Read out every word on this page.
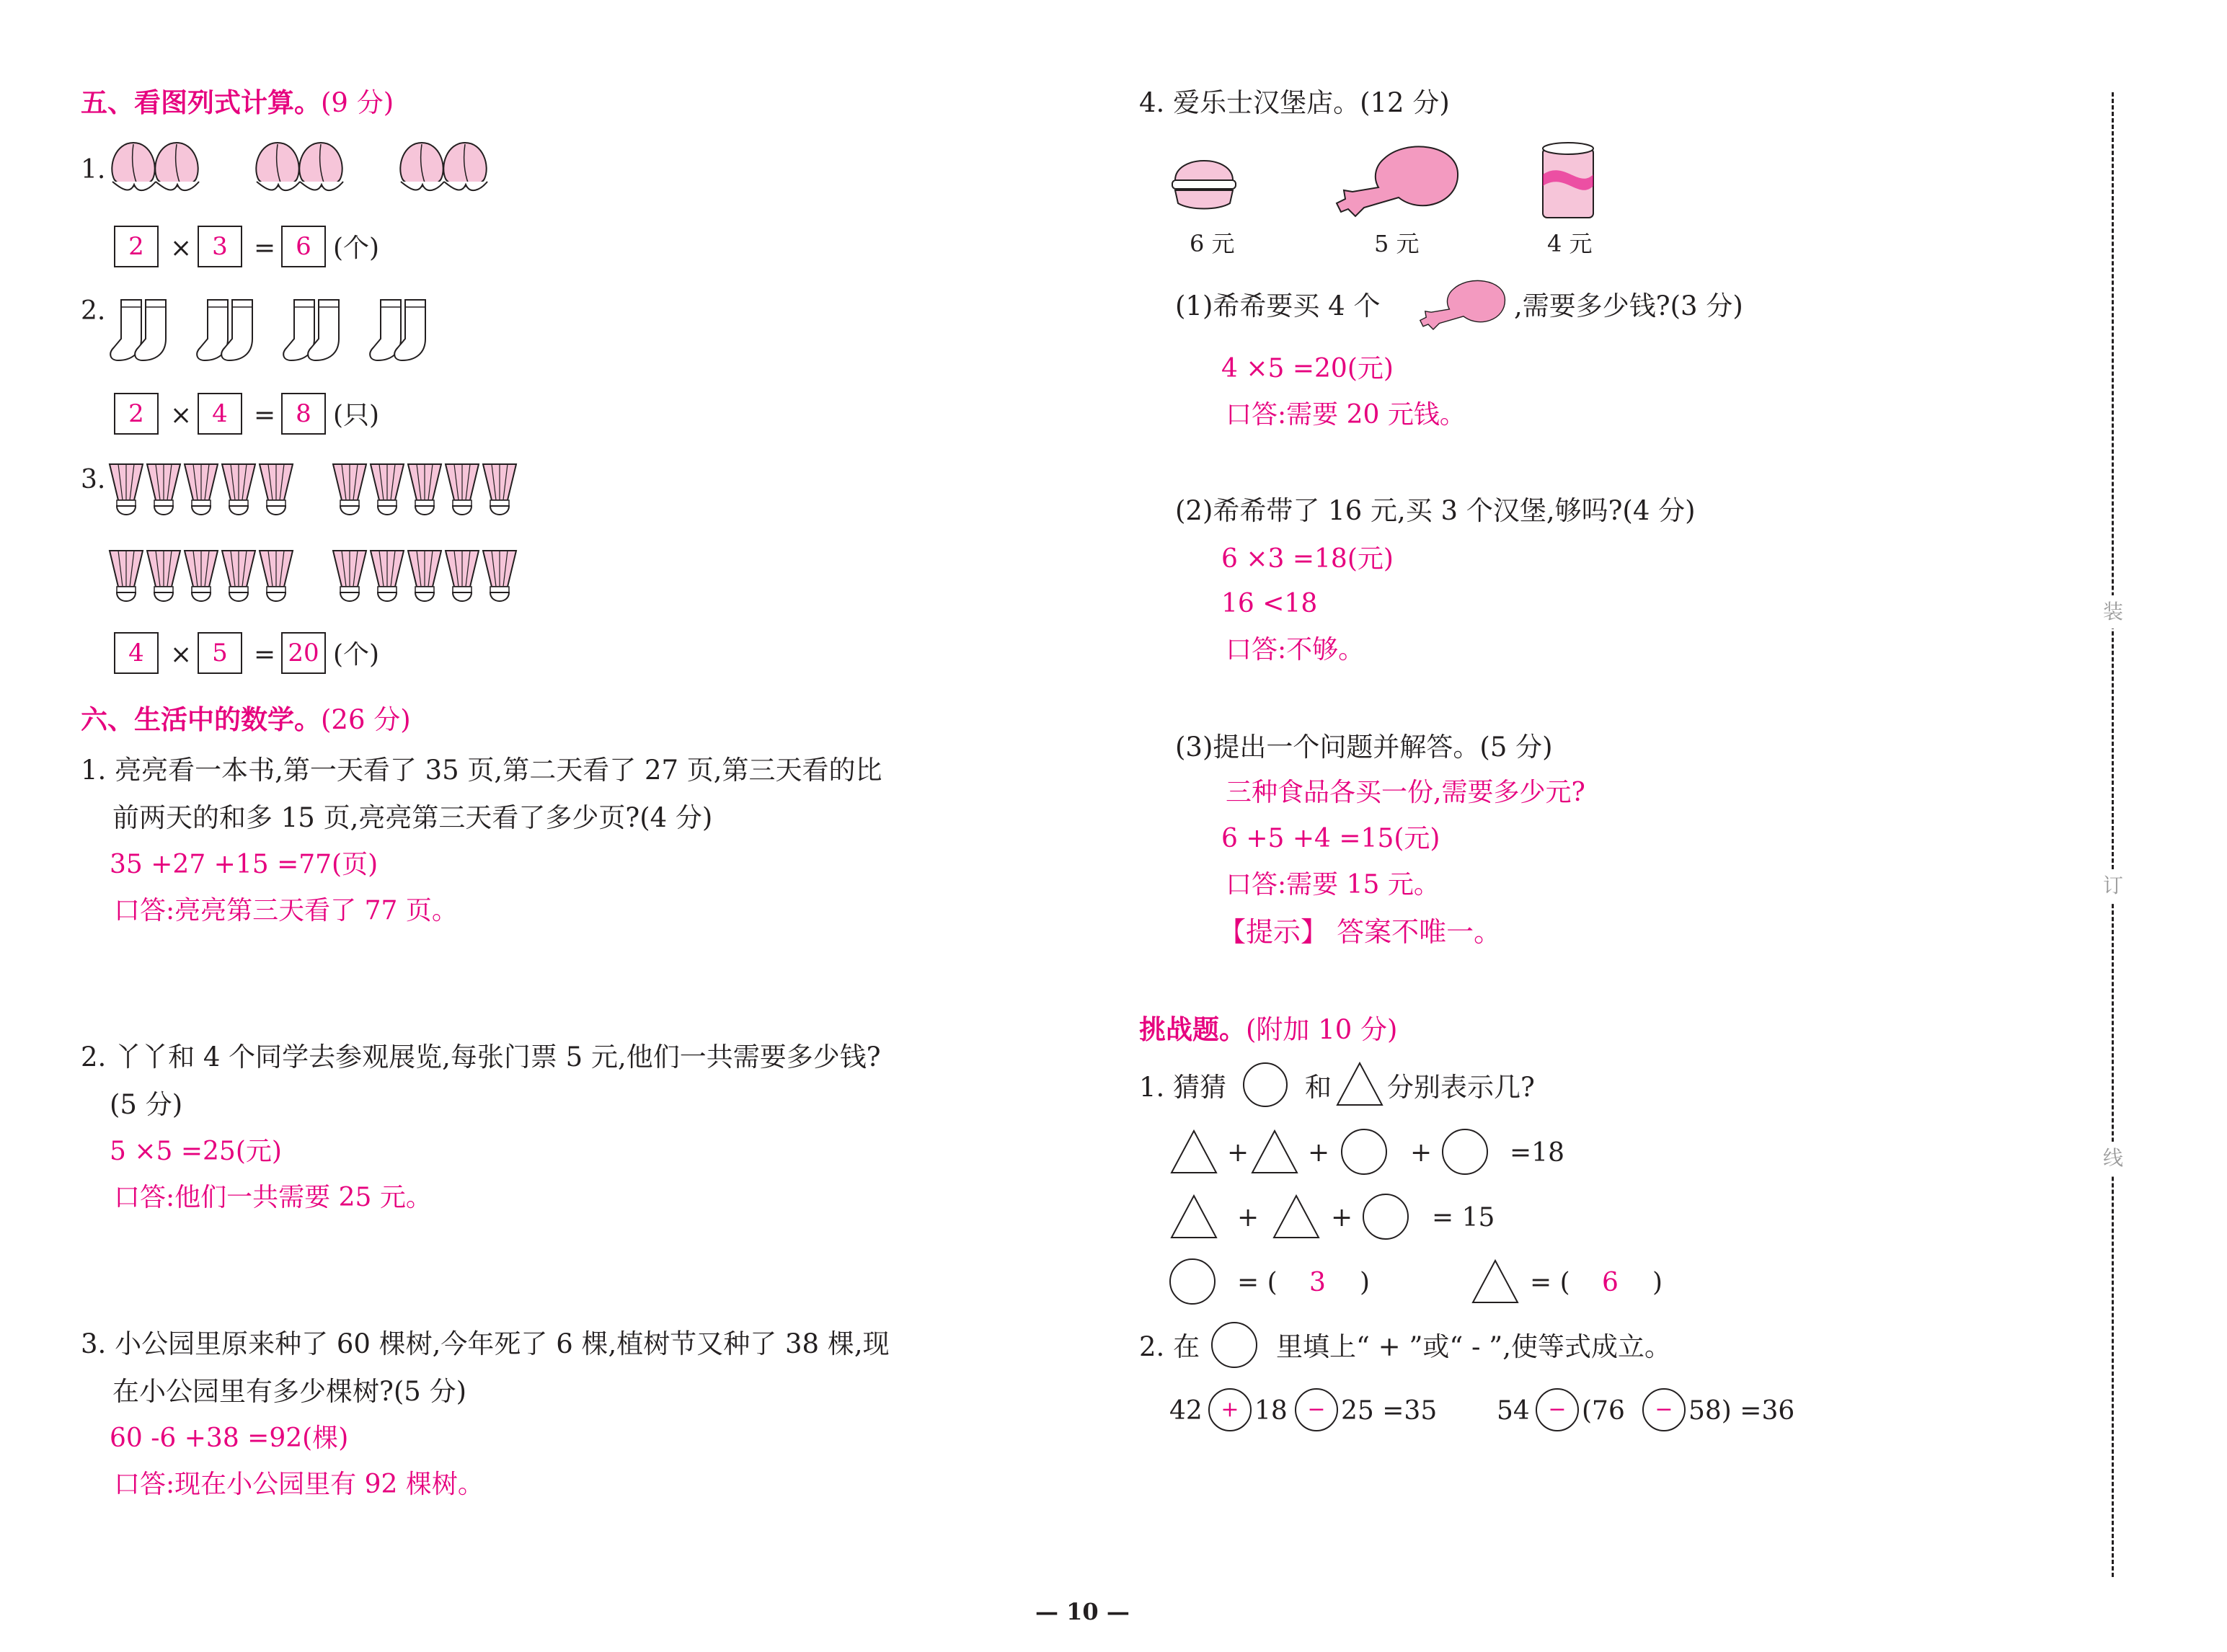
五、看图列式计算。(9 分)
1.
2	× 3	= 6 (个)
2.
2	× 4	= 8 (只)
3.
4	× 5	= 20 (个)
六、生活中的数学。(26 分)
1. 亮亮看一本书,第一天看了 35 页,第二天看了 27 页,第三天看的比
前两天的和多 15 页,亮亮第三天看了多少页?(4 分)
35 +27 +15 =77(页)
口答:亮亮第三天看了 77 页。
2. 丫丫和 4 个同学去参观展览,每张门票 5 元,他们一共需要多少钱?
(5 分)
5 ×5 =25(元)
口答:他们一共需要 25 元。
3. 小公园里原来种了 60 棵树,今年死了 6 棵,植树节又种了 38 棵,现
在小公园里有多少棵树?(5 分)
60 -6 +38 =92(棵)
口答:现在小公园里有 92 棵树。
4. 爱乐士汉堡店。(12 分)
6 元	5 元	4 元
(1)希希要买 4 个	,需要多少钱?(3 分)
4 ×5 =20(元)
口答:需要 20 元钱。
(2)希希带了 16 元,买 3 个汉堡,够吗?(4 分)
6 ×3 =18(元)
16 <18
口答:不够。
(3)提出一个问题并解答。(5 分)
三种食品各买一份,需要多少元?
6 +5 +4 =15(元)
口答:需要 15 元。
【提示】 答案不唯一。
挑战题。(附加 10 分)
1. 猜猜	和 分别表示几?
+ +	+	=18
+	+	= 15
= ( 3 )	= ( 6 )
2. 在	里填上“ + ”或“ - ”,使等式成立。
42 + 18 − 25 =35 54 − (76	− 58) =36
装
订
线
— 10 —
